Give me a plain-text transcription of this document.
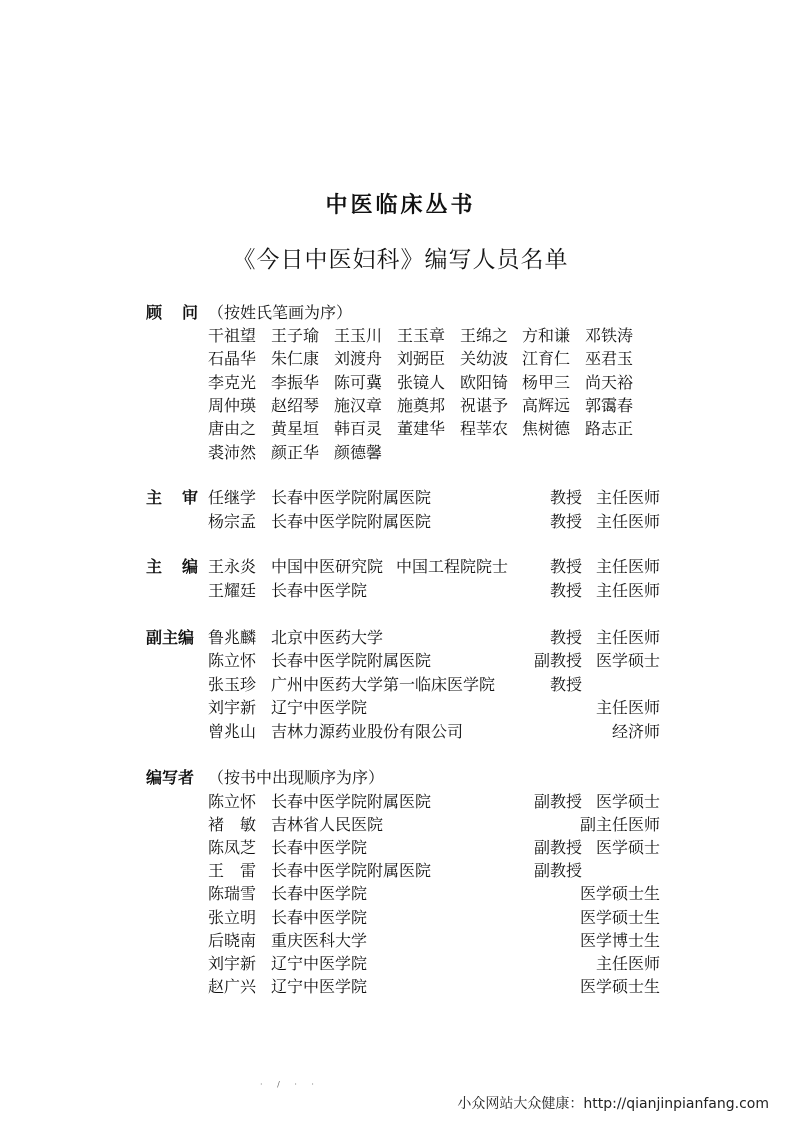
中医临床丛书
《今日中医妇科》编写人员名单
顾 问 （按姓氏笔画为序）
干祖望 王子瑜 王玉川 王玉章 王绵之 方和谦 邓铁涛
石晶华 朱仁康 刘渡舟 刘弼臣 关幼波 江育仁 巫君玉
李克光 李振华 陈可冀 张镜人 欧阳锜 杨甲三 尚天裕
周仲瑛 赵绍琴 施汉章 施奠邦 祝谌予 高辉远 郭霭春
唐由之 黄星垣 韩百灵 董建华 程莘农 焦树德 路志正
裘沛然 颜正华 颜德馨
主 审 任继学 长春中医学院附属医院	教授 主任医师
杨宗孟 长春中医学院附属医院	教授 主任医师
主 编 王永炎 中国中医研究院 中国工程院院士	教授 主任医师
王耀廷 长春中医学院	教授 主任医师
副主编 鲁兆麟 北京中医药大学	教授 主任医师
陈立怀 长春中医学院附属医院	副教授 医学硕士
张玉珍 广州中医药大学第一临床医学院	教授
刘宇新 辽宁中医学院	主任医师
曾兆山 吉林力源药业股份有限公司	经济师
编写者 （按书中出现顺序为序）
陈立怀 长春中医学院附属医院	副教授 医学硕士
褚 敏 吉林省人民医院	副主任医师
陈凤芝 长春中医学院	副教授 医学硕士
王 雷 长春中医学院附属医院	副教授
陈瑞雪 长春中医学院	医学硕士生
张立明 长春中医学院	医学硕士生
后晓南 重庆医科大学	医学博士生
刘宇新 辽宁中医学院	主任医师
赵广兴 辽宁中医学院	医学硕士生
· / · ·
小众网站大众健康：http://qianjinpianfang.com
